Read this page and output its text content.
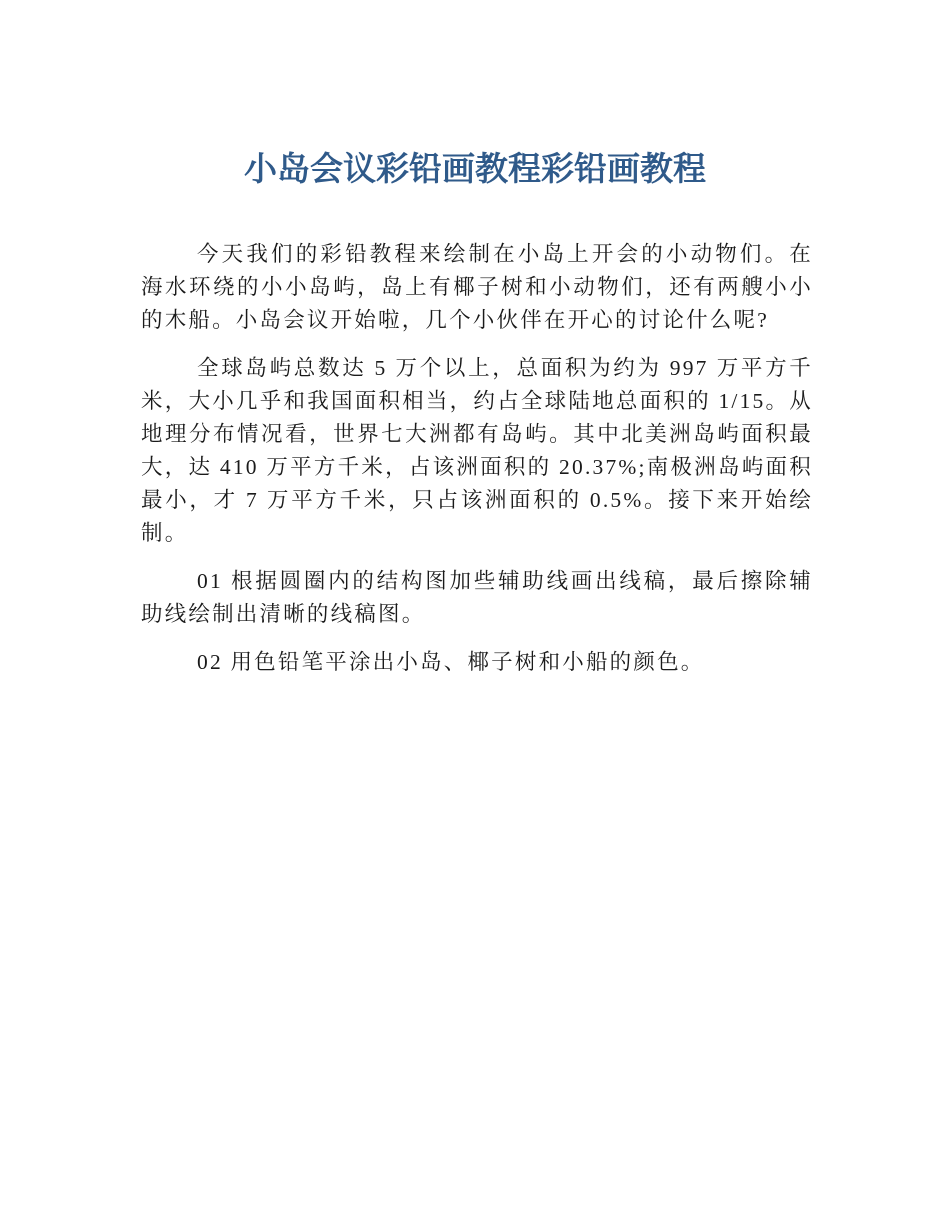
小岛会议彩铅画教程彩铅画教程

今天我们的彩铅教程来绘制在小岛上开会的小动物们。在海水环绕的小小岛屿，岛上有椰子树和小动物们，还有两艘小小的木船。小岛会议开始啦，几个小伙伴在开心的讨论什么呢?

全球岛屿总数达 5 万个以上，总面积为约为 997 万平方千米，大小几乎和我国面积相当，约占全球陆地总面积的 1/15。从地理分布情况看，世界七大洲都有岛屿。其中北美洲岛屿面积最大，达 410 万平方千米，占该洲面积的 20.37%;南极洲岛屿面积最小，才 7 万平方千米，只占该洲面积的 0.5%。接下来开始绘制。

01 根据圆圈内的结构图加些辅助线画出线稿，最后擦除辅助线绘制出清晰的线稿图。

02 用色铅笔平涂出小岛、椰子树和小船的颜色。
